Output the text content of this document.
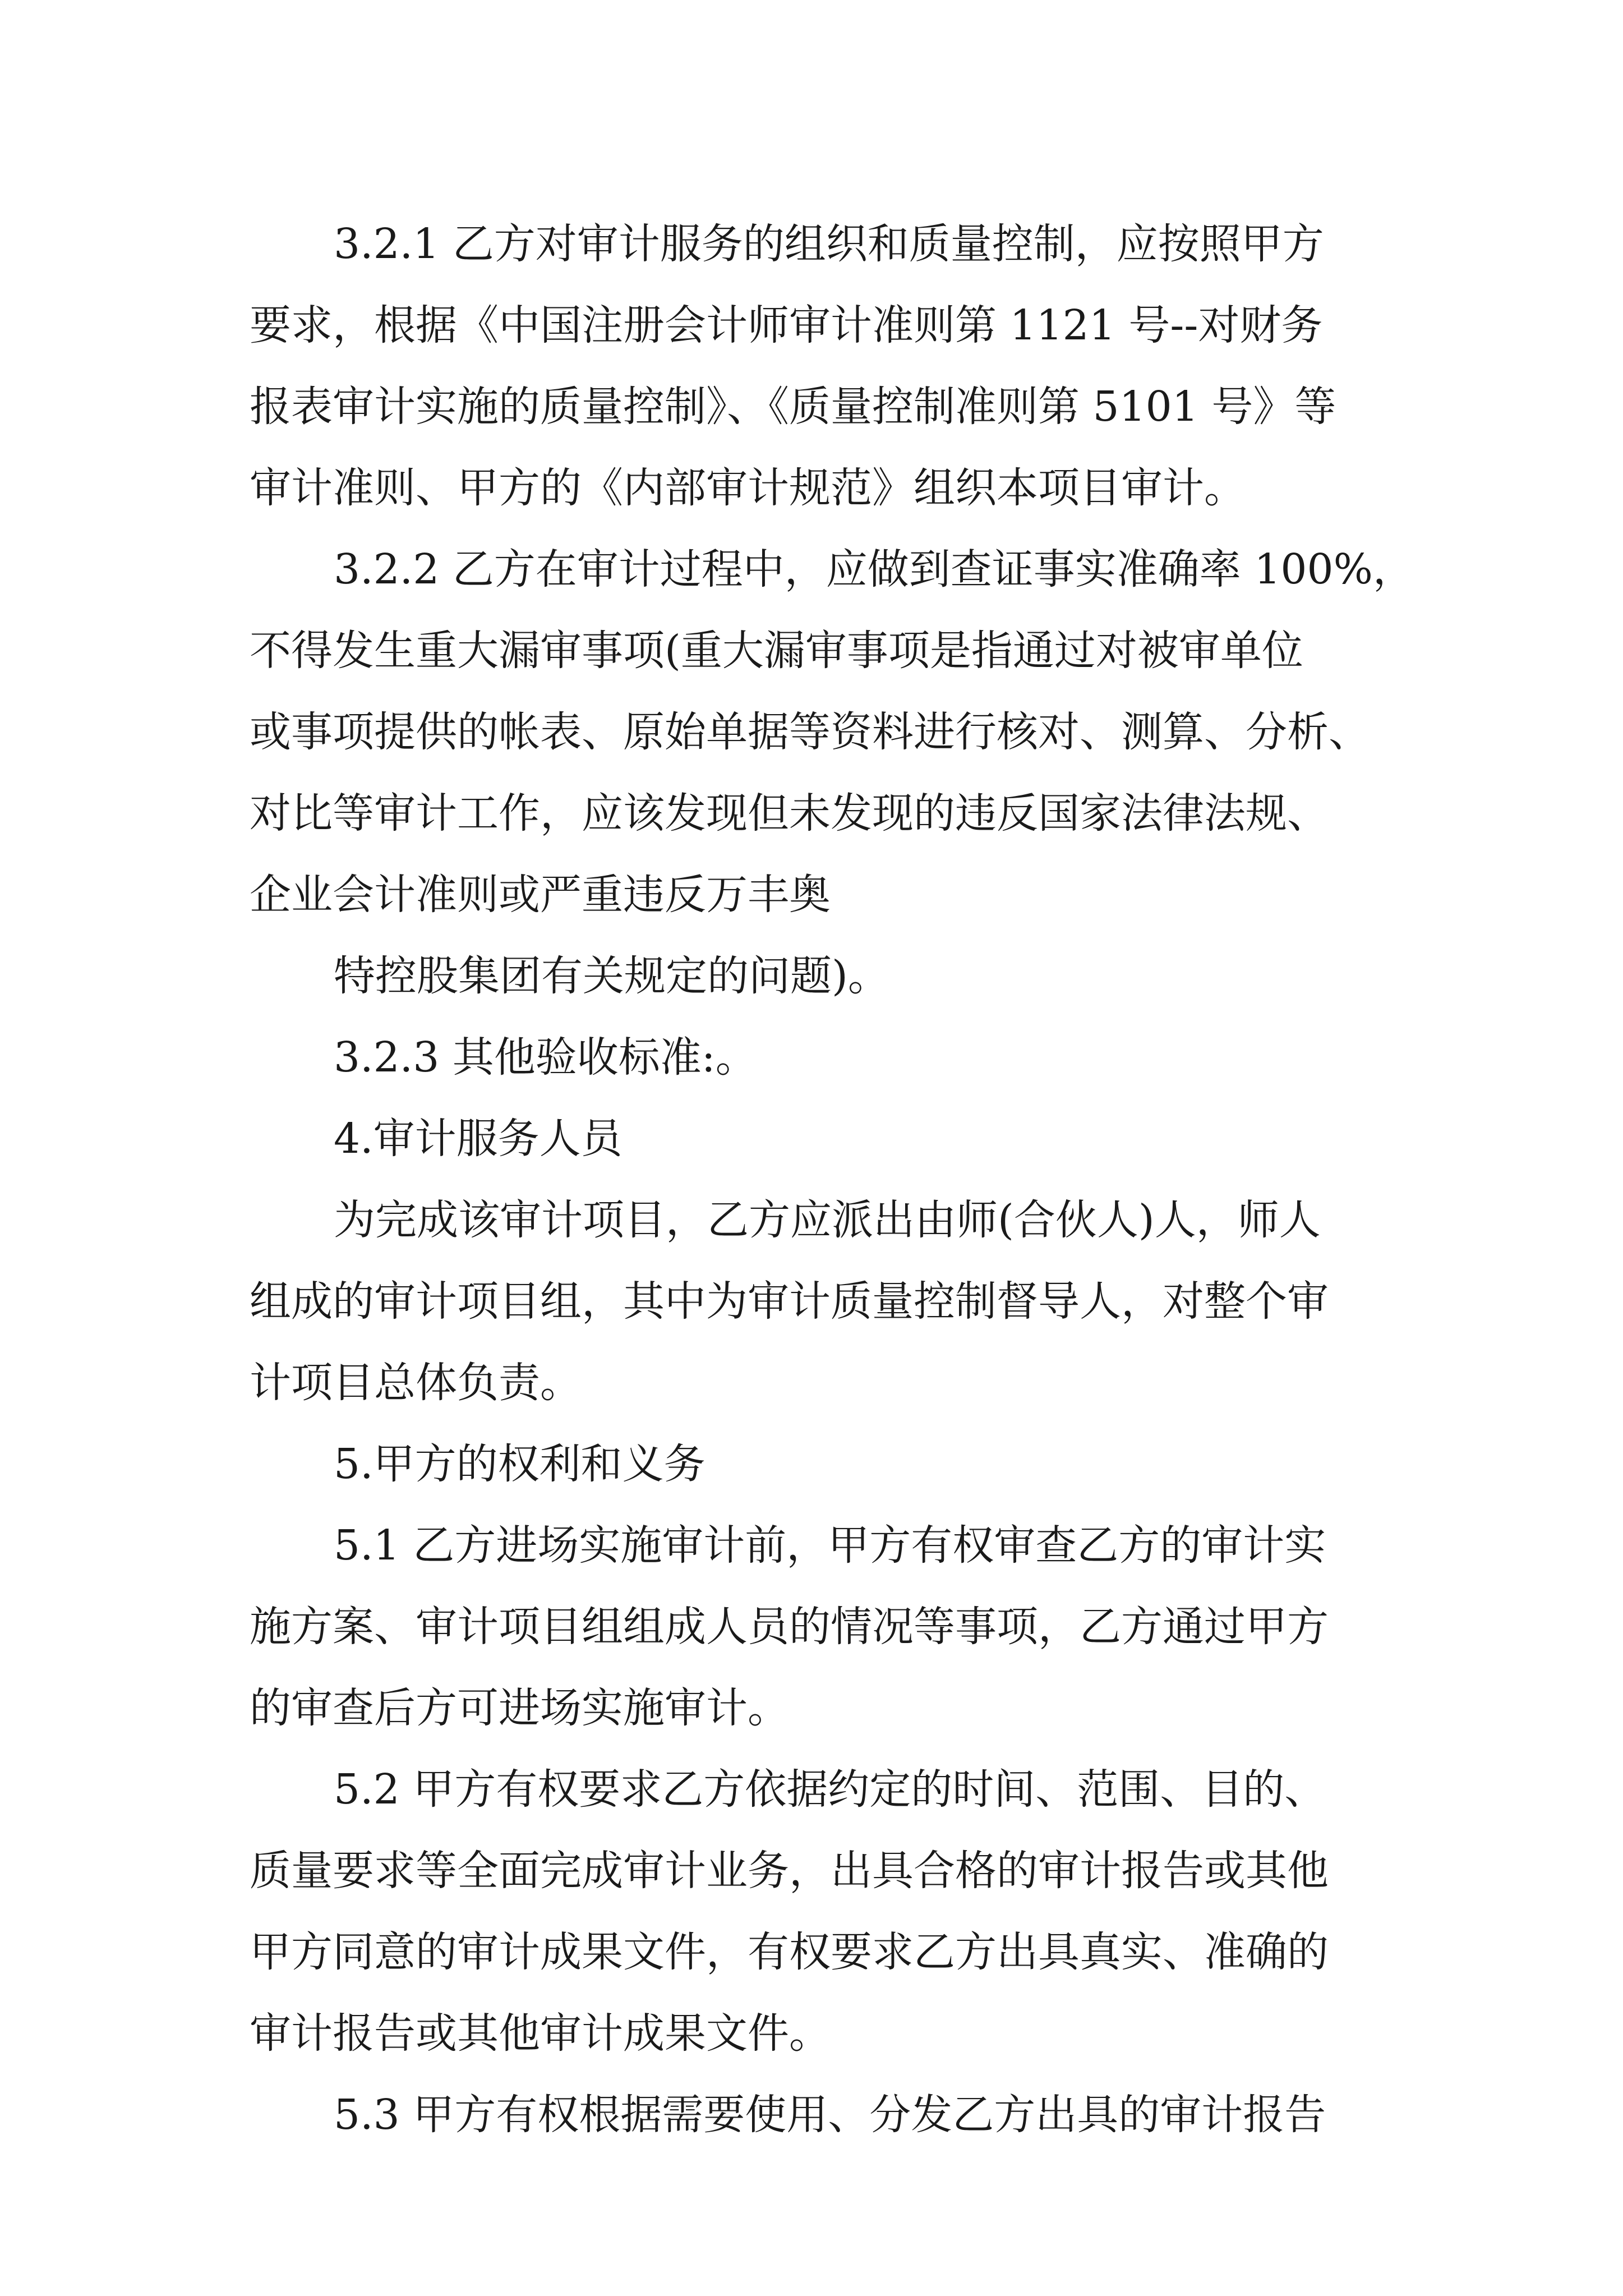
3.2.1 乙方对审计服务的组织和质量控制，应按照甲方

要求，根据《中国注册会计师审计准则第 1121 号--对财务

报表审计实施的质量控制》、《质量控制准则第 5101 号》等

审计准则、甲方的《内部审计规范》组织本项目审计。

3.2.2 乙方在审计过程中，应做到查证事实准确率 100%，

不得发生重大漏审事项(重大漏审事项是指通过对被审单位

或事项提供的帐表、原始单据等资料进行核对、测算、分析、

对比等审计工作，应该发现但未发现的违反国家法律法规、

企业会计准则或严重违反万丰奥

特控股集团有关规定的问题)。

3.2.3 其他验收标准:。

4.审计服务人员

为完成该审计项目，乙方应派出由师(合伙人)人，师人

组成的审计项目组，其中为审计质量控制督导人，对整个审

计项目总体负责。

5.甲方的权利和义务

5.1 乙方进场实施审计前，甲方有权审查乙方的审计实

施方案、审计项目组组成人员的情况等事项，乙方通过甲方

的审查后方可进场实施审计。

5.2 甲方有权要求乙方依据约定的时间、范围、目的、

质量要求等全面完成审计业务，出具合格的审计报告或其他

甲方同意的审计成果文件，有权要求乙方出具真实、准确的

审计报告或其他审计成果文件。

5.3 甲方有权根据需要使用、分发乙方出具的审计报告
